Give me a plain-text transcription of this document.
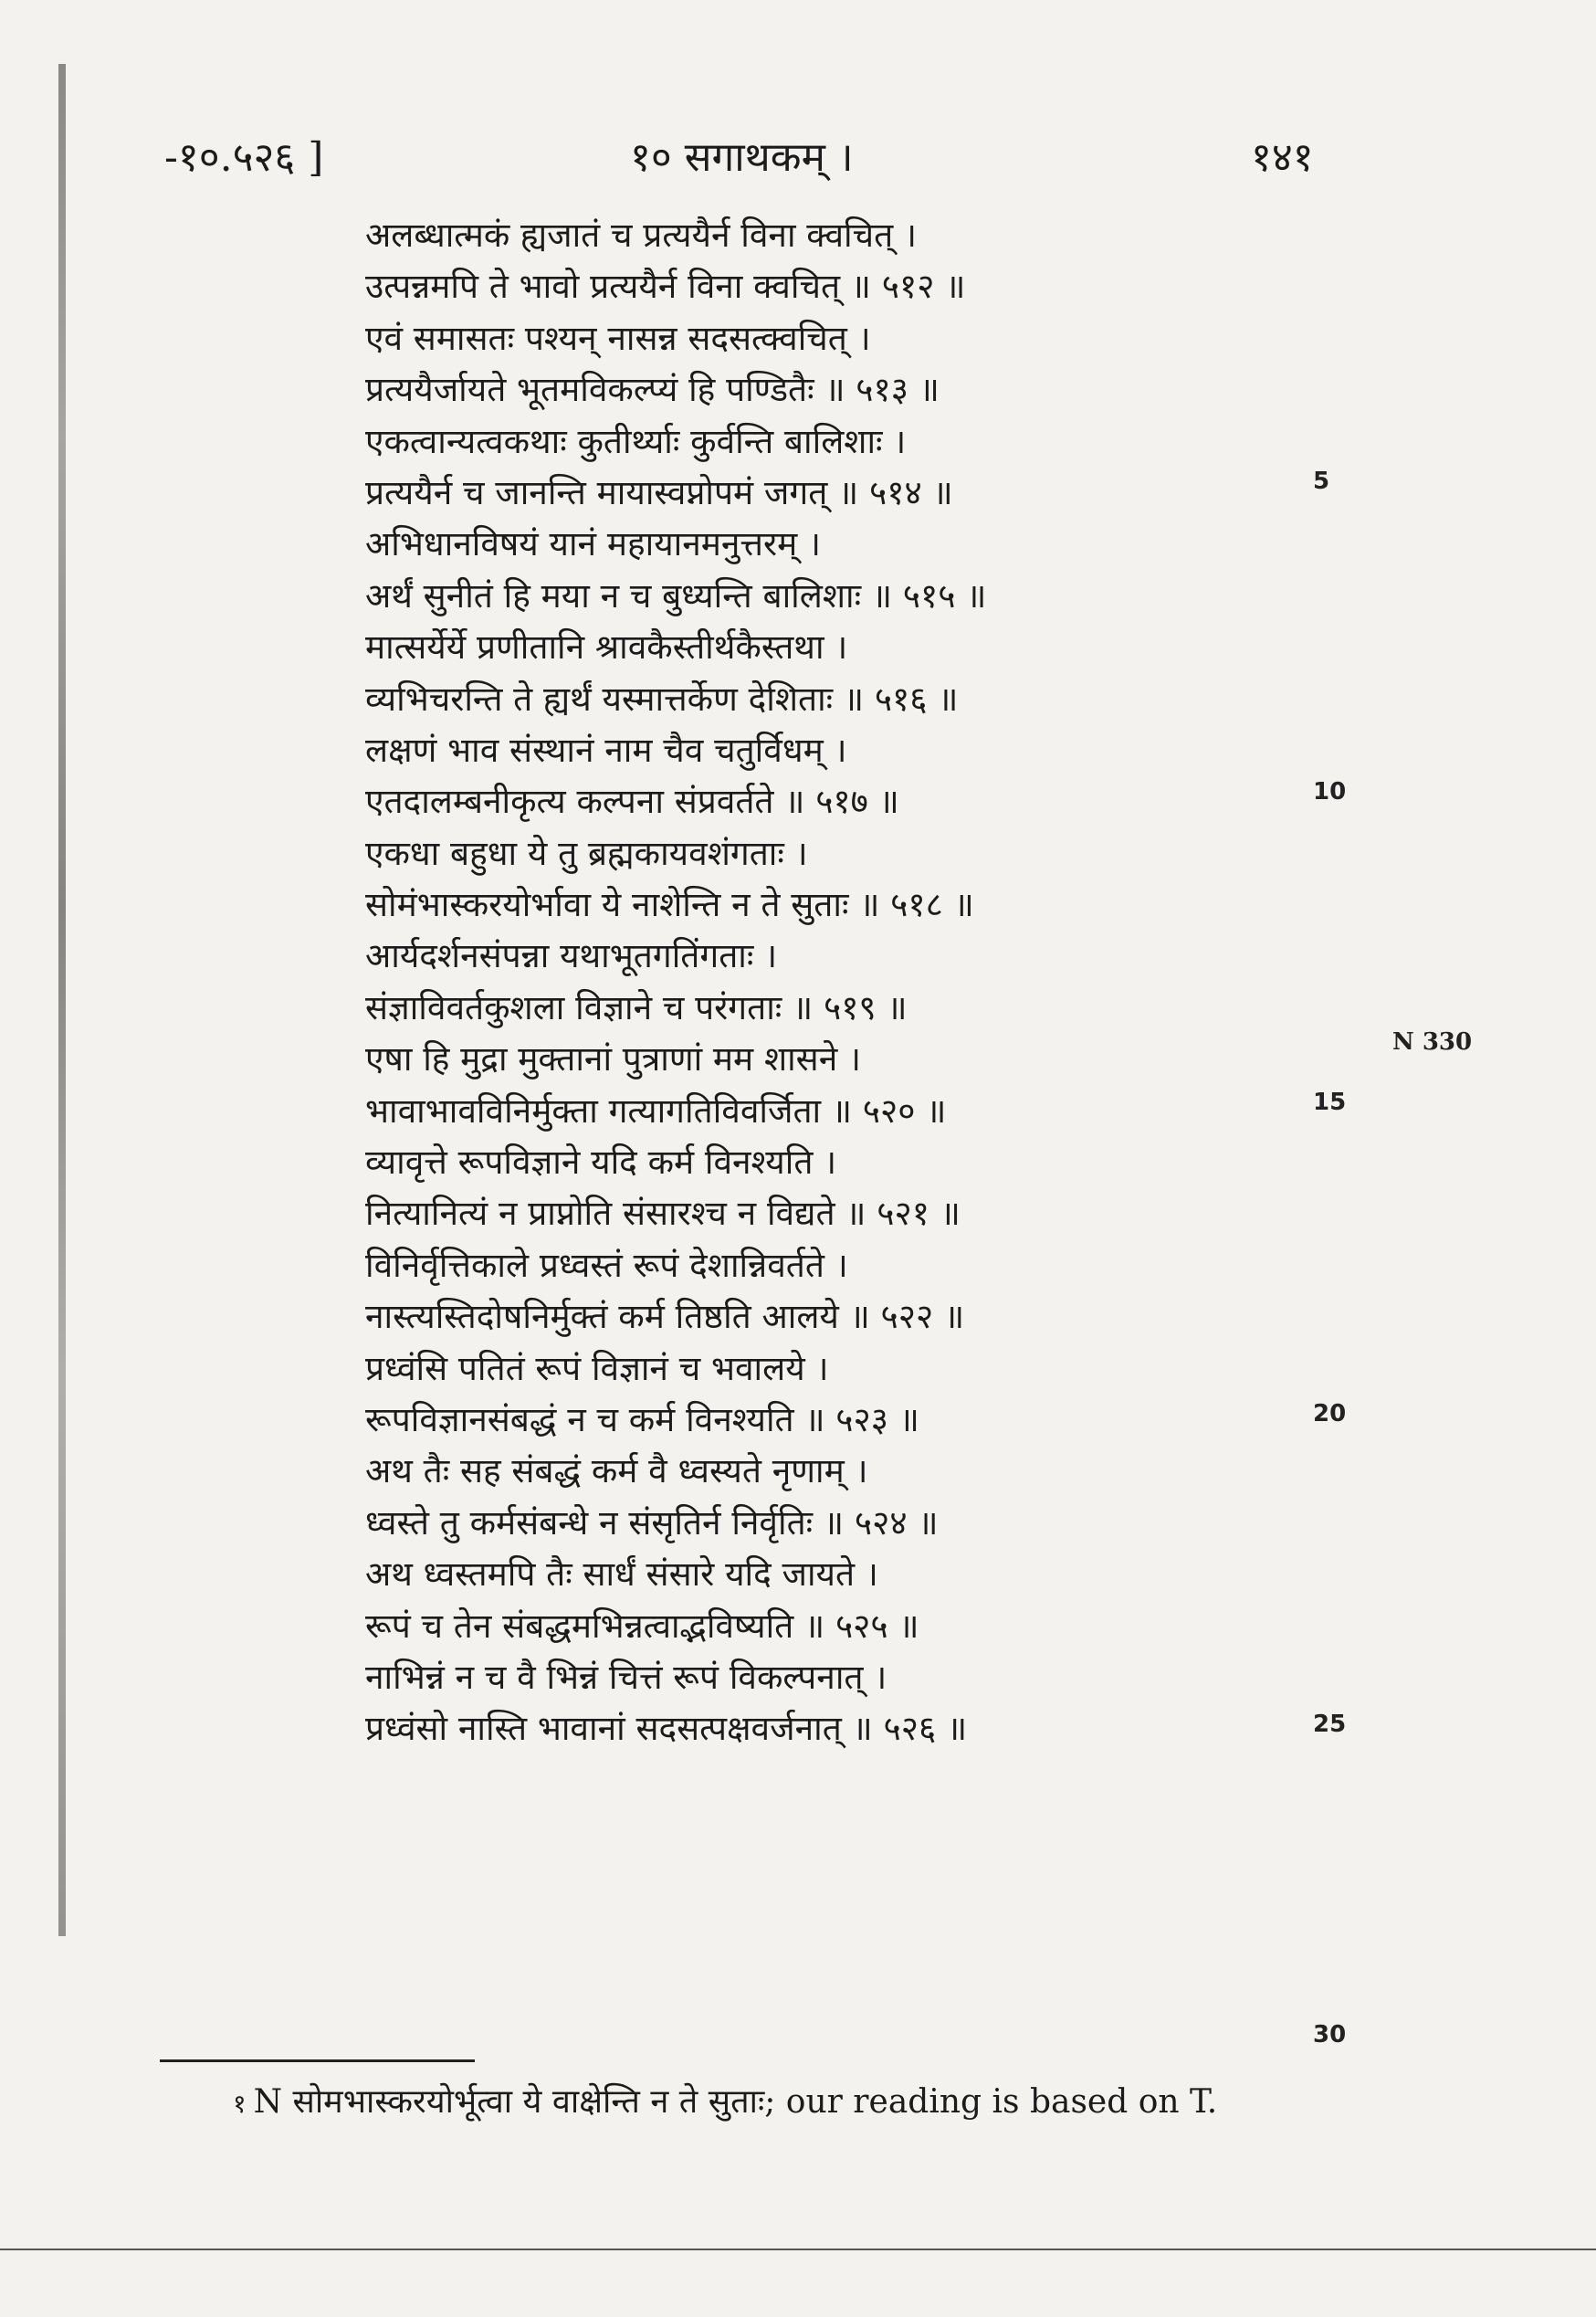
-१०.५२६ ]	१० सगाथकम् ।	१४१
अलब्धात्मकं ह्यजातं च प्रत्ययैर्न विना क्वचित् ।
उत्पन्नमपि ते भावो प्रत्ययैर्न विना क्वचित् ॥ ५१२ ॥
एवं समासतः पश्यन् नासन्न सदसत्क्वचित् ।
प्रत्ययैर्जायते भूतमविकल्प्यं हि पण्डितैः ॥ ५१३ ॥
एकत्वान्यत्वकथाः कुतीर्थ्याः कुर्वन्ति बालिशाः ।
प्रत्ययैर्न च जानन्ति मायास्वप्नोपमं जगत् ॥ ५१४ ॥
अभिधानविषयं यानं महायानमनुत्तरम् ।
अर्थं सुनीतं हि मया न च बुध्यन्ति बालिशाः ॥ ५१५ ॥
मात्सर्येर्ये प्रणीतानि श्रावकैस्तीर्थकैस्तथा ।
व्यभिचरन्ति ते ह्यर्थं यस्मात्तर्केण देशिताः ॥ ५१६ ॥
लक्षणं भाव संस्थानं नाम चैव चतुर्विधम् ।
एतदालम्बनीकृत्य कल्पना संप्रवर्तते ॥ ५१७ ॥
एकधा बहुधा ये तु ब्रह्मकायवशंगताः ।
सोमंभास्करयोर्भावा ये नाशेन्ति न ते सुताः ॥ ५१८ ॥
आर्यदर्शनसंपन्ना यथाभूतगतिंगताः ।
संज्ञाविवर्तकुशला विज्ञाने च परंगताः ॥ ५१९ ॥
एषा हि मुद्रा मुक्तानां पुत्राणां मम शासने ।
भावाभावविनिर्मुक्ता गत्यागतिविवर्जिता ॥ ५२० ॥
व्यावृत्ते रूपविज्ञाने यदि कर्म विनश्यति ।
नित्यानित्यं न प्राप्नोति संसारश्च न विद्यते ॥ ५२१ ॥
विनिर्वृत्तिकाले प्रध्वस्तं रूपं देशान्निवर्तते ।
नास्त्यस्तिदोषनिर्मुक्तं कर्म तिष्ठति आलये ॥ ५२२ ॥
प्रध्वंसि पतितं रूपं विज्ञानं च भवालये ।
रूपविज्ञानसंबद्धं न च कर्म विनश्यति ॥ ५२३ ॥
अथ तैः सह संबद्धं कर्म वै ध्वस्यते नृणाम् ।
ध्वस्ते तु कर्मसंबन्धे न संसृतिर्न निर्वृतिः ॥ ५२४ ॥
अथ ध्वस्तमपि तैः सार्धं संसारे यदि जायते ।
रूपं च तेन संबद्धमभिन्नत्वाद्भविष्यति ॥ ५२५ ॥
नाभिन्नं न च वै भिन्नं चित्तं रूपं विकल्पनात् ।
प्रध्वंसो नास्ति भावानां सदसत्पक्षवर्जनात् ॥ ५२६ ॥
5
10
15
20
25
30
N 330
१ N सोमभास्करयोर्भूत्वा ये वाक्षेन्ति न ते सुताः; our reading is based on T.
